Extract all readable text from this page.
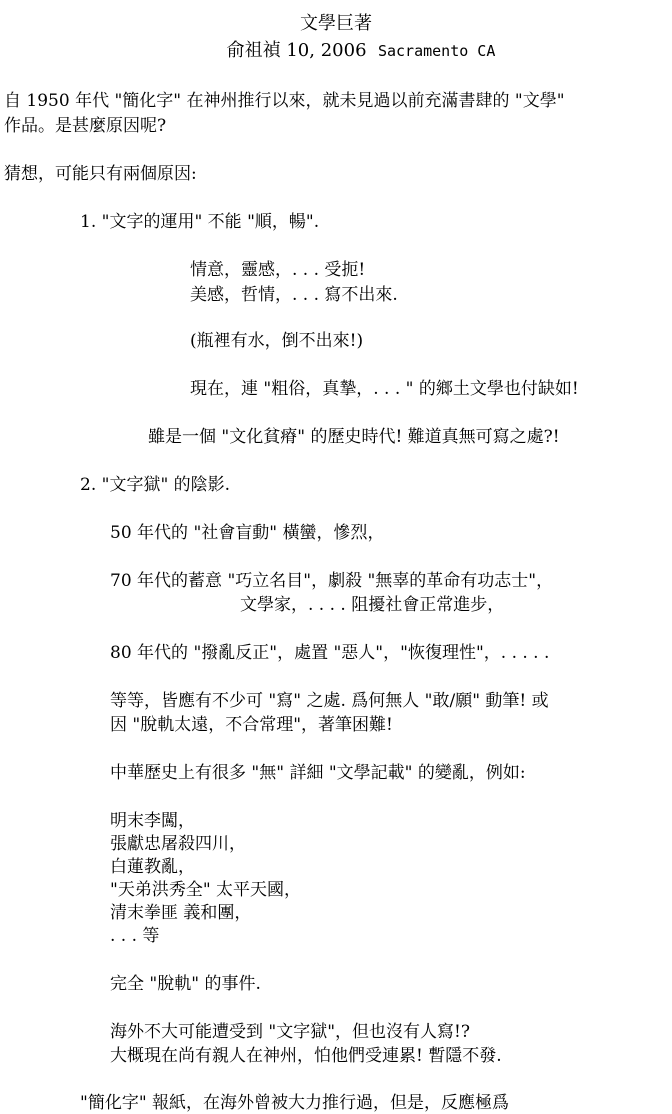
文學巨著
俞祖禎 10, 2006 Sacramento CA
自 1950 年代 "簡化字" 在神州推行以來，就未見過以前充滿書肆的 "文學"
作品。是甚麼原因呢?
猜想，可能只有兩個原因:
1. "文字的運用" 不能 "順，暢".
情意，靈感，. . . 受扼!
美感，哲情，. . . 寫不出來.
(瓶裡有水，倒不出來!)
現在，連 "粗俗，真摯，. . . " 的鄉土文學也付缺如!
雖是一個 "文化貧瘠" 的歷史時代! 難道真無可寫之處?!
2. "文字獄" 的陰影.
50 年代的 "社會盲動" 橫蠻，慘烈，
70 年代的蓄意 "巧立名目"，劇殺 "無辜的革命有功志士"，
文學家，. . . . 阻擾社會正常進步，
80 年代的 "撥亂反正"，處置 "惡人"，"恢復理性"，. . . . .
等等，皆應有不少可 "寫" 之處. 爲何無人 "敢/願" 動筆! 或
因 "脫軌太遠，不合常理"，著筆困難!
中華歷史上有很多 "無" 詳細 "文學記載" 的變亂，例如:
明末李闖，
張獻忠屠殺四川，
白蓮教亂，
"天弟洪秀全" 太平天國，
清末拳匪 義和團，
. . . 等
完全 "脫軌" 的事件.
海外不大可能遭受到 "文字獄"，但也沒有人寫!?
大概現在尚有親人在神州，怕他們受連累! 暫隱不發.
"簡化字" 報紙，在海外曾被大力推行過，但是，反應極爲
